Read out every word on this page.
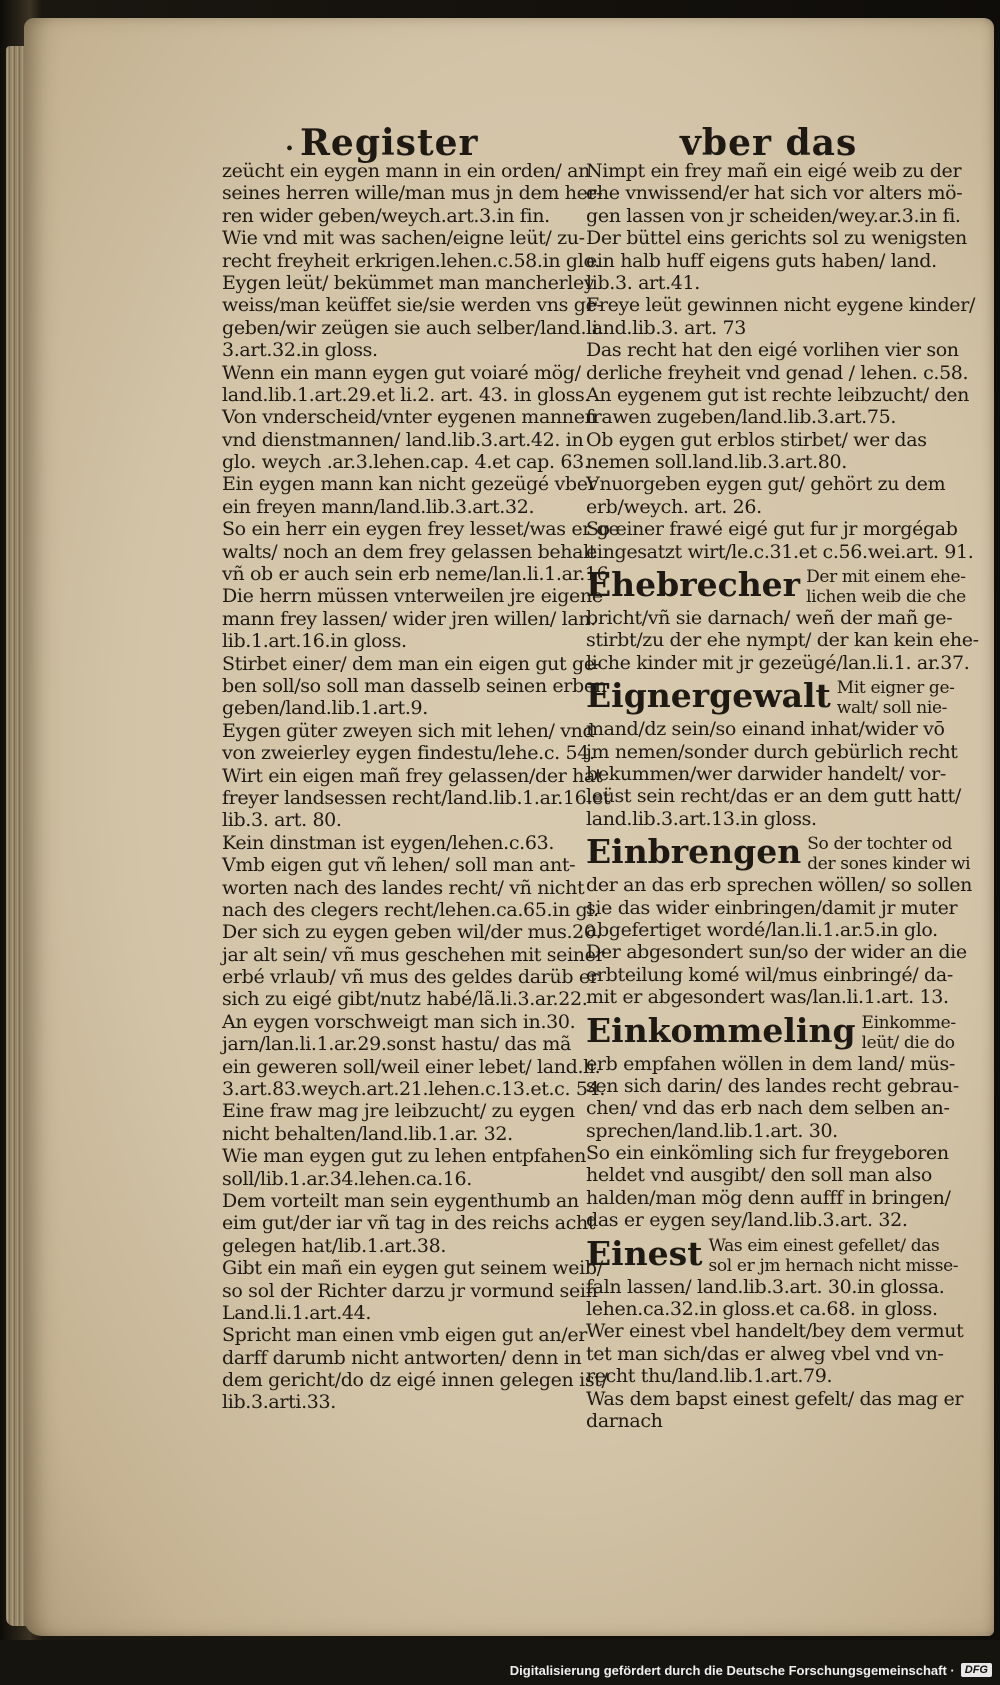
• Register	vber das
zeücht ein eygen mann in ein orden/ an
seines herren wille/man mus jn dem her-
ren wider geben/weych.art.3.in fin.
Wie vnd mit was sachen/eigne leüt/ zu-
recht freyheit erkrigen.lehen.c.58.in glo.
Eygen leüt/ bekümmet man mancherley
weiss/man keüffet sie/sie werden vns ge-
geben/wir zeügen sie auch selber/land.li.
3.art.32.in gloss.
Wenn ein mann eygen gut voiaré mög/
land.lib.1.art.29.et li.2. art. 43. in gloss.
Von vnderscheid/vnter eygenen mannen
vnd dienstmannen/ land.lib.3.art.42. in
glo. weych .ar.3.lehen.cap. 4.et cap. 63.
Ein eygen mann kan nicht gezeügé vber
ein freyen mann/land.lib.3.art.32.
So ein herr ein eygen frey lesset/was er ge
walts/ noch an dem frey gelassen behalt
vñ ob er auch sein erb neme/lan.li.1.ar.16
Die herrn müssen vnterweilen jre eigene
mann frey lassen/ wider jren willen/ lan.
lib.1.art.16.in gloss.
Stirbet einer/ dem man ein eigen gut ge-
ben soll/so soll man dasselb seinen erben
geben/land.lib.1.art.9.
Eygen güter zweyen sich mit lehen/ vnd
von zweierley eygen findestu/lehe.c. 54.
Wirt ein eigen mañ frey gelassen/der hat
freyer landsessen recht/land.lib.1.ar.16.et
lib.3. art. 80.
Kein dinstman ist eygen/lehen.c.63.
Vmb eigen gut vñ lehen/ soll man ant-
worten nach des landes recht/ vñ nicht
nach des clegers recht/lehen.ca.65.in gl.
Der sich zu eygen geben wil/der mus.20.
jar alt sein/ vñ mus geschehen mit seiner
erbé vrlaub/ vñ mus des geldes darüb er
sich zu eigé gibt/nutz habé/lã.li.3.ar.22.
An eygen vorschweigt man sich in.30.
jarn/lan.li.1.ar.29.sonst hastu/ das mã
ein geweren soll/weil einer lebet/ land.li.
3.art.83.weych.art.21.lehen.c.13.et.c. 54.
Eine fraw mag jre leibzucht/ zu eygen
nicht behalten/land.lib.1.ar. 32.
Wie man eygen gut zu lehen entpfahen
soll/lib.1.ar.34.lehen.ca.16.
Dem vorteilt man sein eygenthumb an
eim gut/der iar vñ tag in des reichs acht
gelegen hat/lib.1.art.38.
Gibt ein mañ ein eygen gut seinem weib/
so sol der Richter darzu jr vormund sein
Land.li.1.art.44.
Spricht man einen vmb eigen gut an/er
darff darumb nicht antworten/ denn in
dem gericht/do dz eigé innen gelegen ist/
lib.3.arti.33.
Nimpt ein frey mañ ein eigé weib zu der
ehe vnwissend/er hat sich vor alters mö-
gen lassen von jr scheiden/wey.ar.3.in fi.
Der büttel eins gerichts sol zu wenigsten
ein halb huff eigens guts haben/ land.
lib.3. art.41.
Freye leüt gewinnen nicht eygene kinder/
land.lib.3. art. 73
Das recht hat den eigé vorlihen vier son
derliche freyheit vnd genad / lehen. c.58.
An eygenem gut ist rechte leibzucht/ den
frawen zugeben/land.lib.3.art.75.
Ob eygen gut erblos stirbet/ wer das
nemen soll.land.lib.3.art.80.
Vnuorgeben eygen gut/ gehört zu dem
erb/weych. art. 26.
So einer frawé eigé gut fur jr morgégab
eingesatzt wirt/le.c.31.et c.56.wei.art. 91.
Ehebrecher Der mit einem ehe-
lichen weib die che
bricht/vñ sie darnach/ weñ der mañ ge-
stirbt/zu der ehe nympt/ der kan kein ehe-
liche kinder mit jr gezeügé/lan.li.1. ar.37.
Eignergewalt Mit eigner ge-
walt/ soll nie-
mand/dz sein/so einand inhat/wider vō
jm nemen/sonder durch gebürlich recht
bekummen/wer darwider handelt/ vor-
leüst sein recht/das er an dem gutt hatt/
land.lib.3.art.13.in gloss.
Einbrengen So der tochter od
der sones kinder wi
der an das erb sprechen wöllen/ so sollen
sie das wider einbringen/damit jr muter
abgefertiget wordé/lan.li.1.ar.5.in glo.
Der abgesondert sun/so der wider an die
erbteilung komé wil/mus einbringé/ da-
mit er abgesondert was/lan.li.1.art. 13.
Einkommeling Einkomme-
leüt/ die do
erb empfahen wöllen in dem land/ müs-
sen sich darin/ des landes recht gebrau-
chen/ vnd das erb nach dem selben an-
sprechen/land.lib.1.art. 30.
So ein einkömling sich fur freygeboren
heldet vnd ausgibt/ den soll man also
halden/man mög denn aufff in bringen/
das er eygen sey/land.lib.3.art. 32.
Einest Was eim einest gefellet/ das
sol er jm hernach nicht misse-
faln lassen/ land.lib.3.art. 30.in glossa.
lehen.ca.32.in gloss.et ca.68. in gloss.
Wer einest vbel handelt/bey dem vermut
tet man sich/das er alweg vbel vnd vn-
recht thu/land.lib.1.art.79.
Was dem bapst einest gefelt/ das mag er
darnach
Digitalisierung gefördert durch die Deutsche Forschungsgemeinschaft · DFG
